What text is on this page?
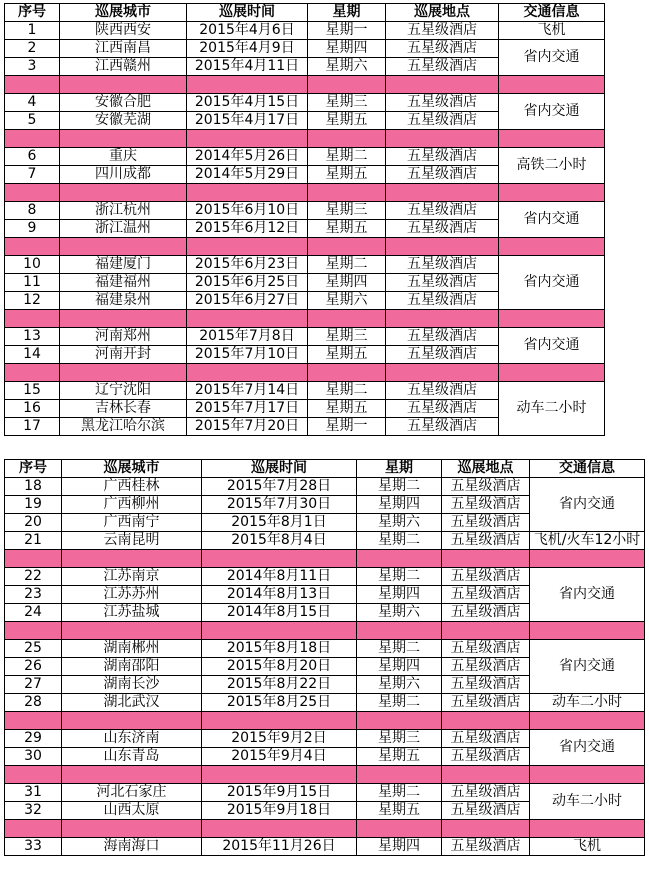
序号	巡展城市	巡展时间	星期	巡展地点	交通信息
1	陕西西安	2015年4月6日	星期一	五星级酒店	飞机
2	江西南昌	2015年4月9日	星期四	五星级酒店	省内交通
3	江西赣州	2015年4月11日	星期六	五星级酒店	

4	安徽合肥	2015年4月15日	星期三	五星级酒店	省内交通
5	安徽芜湖	2015年4月17日	星期五	五星级酒店	

6	重庆	2014年5月26日	星期二	五星级酒店	高铁二小时
7	四川成都	2014年5月29日	星期五	五星级酒店	

8	浙江杭州	2015年6月10日	星期三	五星级酒店	省内交通
9	浙江温州	2015年6月12日	星期五	五星级酒店	

10	福建厦门	2015年6月23日	星期二	五星级酒店	省内交通
11	福建福州	2015年6月25日	星期四	五星级酒店	
12	福建泉州	2015年6月27日	星期六	五星级酒店	

13	河南郑州	2015年7月8日	星期三	五星级酒店	省内交通
14	河南开封	2015年7月10日	星期五	五星级酒店	

15	辽宁沈阳	2015年7月14日	星期二	五星级酒店	动车二小时
16	吉林长春	2015年7月17日	星期五	五星级酒店	
17	黑龙江哈尔滨	2015年7月20日	星期一	五星级酒店	
序号	巡展城市	巡展时间	星期	巡展地点	交通信息
18	广西桂林	2015年7月28日	星期二	五星级酒店	省内交通
19	广西柳州	2015年7月30日	星期四	五星级酒店	
20	广西南宁	2015年8月1日	星期六	五星级酒店	
21	云南昆明	2015年8月4日	星期二	五星级酒店	飞机/火车12小时

22	江苏南京	2014年8月11日	星期二	五星级酒店	省内交通
23	江苏苏州	2014年8月13日	星期四	五星级酒店	
24	江苏盐城	2014年8月15日	星期六	五星级酒店	

25	湖南郴州	2015年8月18日	星期二	五星级酒店	省内交通
26	湖南邵阳	2015年8月20日	星期四	五星级酒店	
27	湖南长沙	2015年8月22日	星期六	五星级酒店	
28	湖北武汉	2015年8月25日	星期二	五星级酒店	动车二小时

29	山东济南	2015年9月2日	星期三	五星级酒店	省内交通
30	山东青岛	2015年9月4日	星期五	五星级酒店	

31	河北石家庄	2015年9月15日	星期二	五星级酒店	动车二小时
32	山西太原	2015年9月18日	星期五	五星级酒店	

33	海南海口	2015年11月26日	星期四	五星级酒店	飞机
